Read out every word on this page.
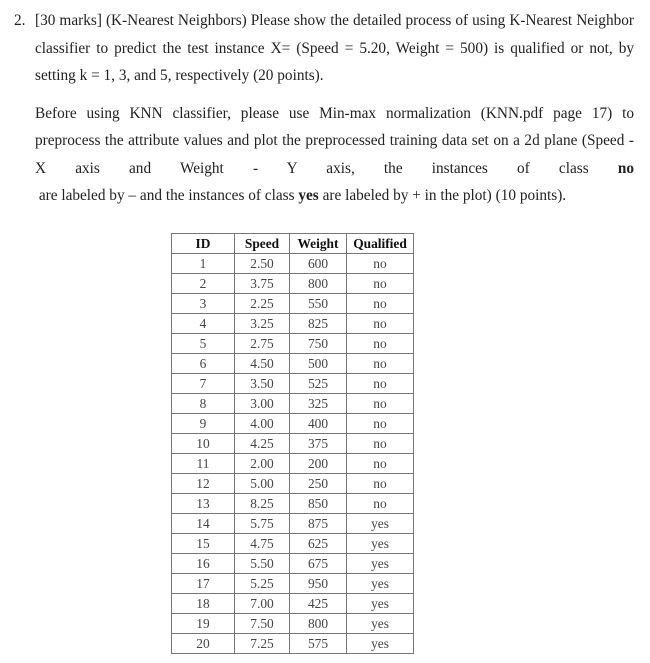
2. [30 marks] (K-Nearest Neighbors) Please show the detailed process of using K-Nearest Neighbor classifier to predict the test instance X= (Speed = 5.20, Weight = 500) is qualified or not, by setting k = 1, 3, and 5, respectively (20 points).

Before using KNN classifier, please use Min-max normalization (KNN.pdf page 17) to preprocess the attribute values and plot the preprocessed training data set on a 2d plane (Speed - X axis and Weight - Y axis, the instances of class no are labeled by – and the instances of class yes are labeled by + in the plot) (10 points).

ID	Speed	Weight	Qualified
1	2.50	600	no
2	3.75	800	no
3	2.25	550	no
4	3.25	825	no
5	2.75	750	no
6	4.50	500	no
7	3.50	525	no
8	3.00	325	no
9	4.00	400	no
10	4.25	375	no
11	2.00	200	no
12	5.00	250	no
13	8.25	850	no
14	5.75	875	yes
15	4.75	625	yes
16	5.50	675	yes
17	5.25	950	yes
18	7.00	425	yes
19	7.50	800	yes
20	7.25	575	yes
